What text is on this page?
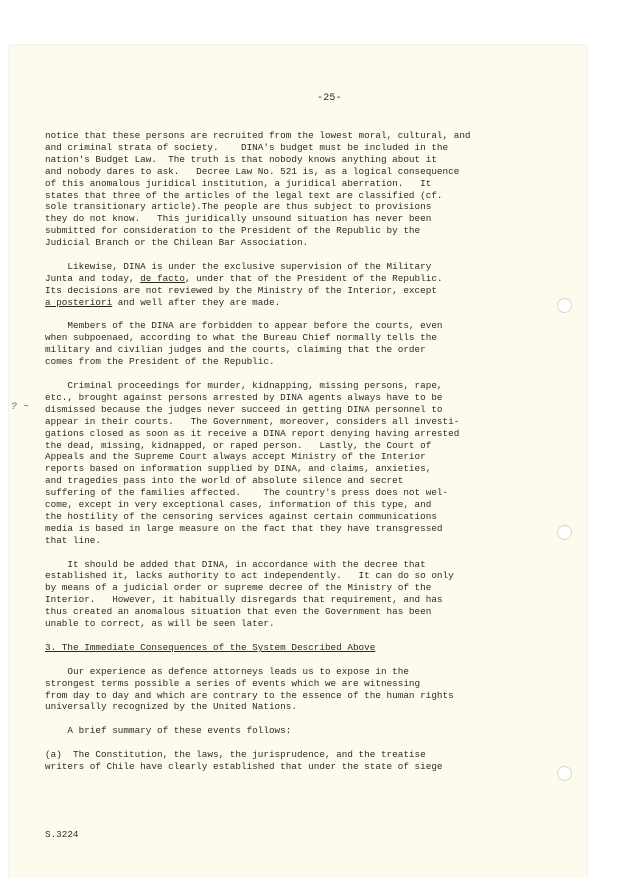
-25-
? ~
notice that these persons are recruited from the lowest moral, cultural, and
and criminal strata of society.    DINA's budget must be included in the
nation's Budget Law.  The truth is that nobody knows anything about it
and nobody dares to ask.   Decree Law No. 521 is, as a logical consequence
of this anomalous juridical institution, a juridical aberration.   It
states that three of the articles of the legal text are classified (cf.
sole transitionary article).The people are thus subject to provisions
they do not know.   This juridically unsound situation has never been
submitted for consideration to the President of the Republic by the
Judicial Branch or the Chilean Bar Association.
Likewise, DINA is under the exclusive supervision of the Military
Junta and today, de facto, under that of the President of the Republic.
Its decisions are not reviewed by the Ministry of the Interior, except
a posteriori and well after they are made.
Members of the DINA are forbidden to appear before the courts, even
when subpoenaed, according to what the Bureau Chief normally tells the
military and civilian judges and the courts, claiming that the order
comes from the President of the Republic.
Criminal proceedings for murder, kidnapping, missing persons, rape,
etc., brought against persons arrested by DINA agents always have to be
dismissed because the judges never succeed in getting DINA personnel to
appear in their courts.   The Government, moreover, considers all investi-
gations closed as soon as it receive a DINA report denying having arrested
the dead, missing, kidnapped, or raped person.   Lastly, the Court of
Appeals and the Supreme Court always accept Ministry of the Interior
reports based on information supplied by DINA, and claims, anxieties,
and tragedies pass into the world of absolute silence and secret
suffering of the families affected.    The country's press does not wel-
come, except in very exceptional cases, information of this type, and
the hostility of the censoring services against certain communications
media is based in large measure on the fact that they have transgressed
that line.
It should be added that DINA, in accordance with the decree that
established it, lacks authority to act independently.   It can do so only
by means of a judicial order or supreme decree of the Ministry of the
Interior.   However, it habitually disregards that requirement, and has
thus created an anomalous situation that even the Government has been
unable to correct, as will be seen later.
3. The Immediate Consequences of the System Described Above
Our experience as defence attorneys leads us to expose in the
strongest terms possible a series of events which we are witnessing
from day to day and which are contrary to the essence of the human rights
universally recognized by the United Nations.
A brief summary of these events follows:
(a)  The Constitution, the laws, the jurisprudence, and the treatise
writers of Chile have clearly established that under the state of siege
S.3224
